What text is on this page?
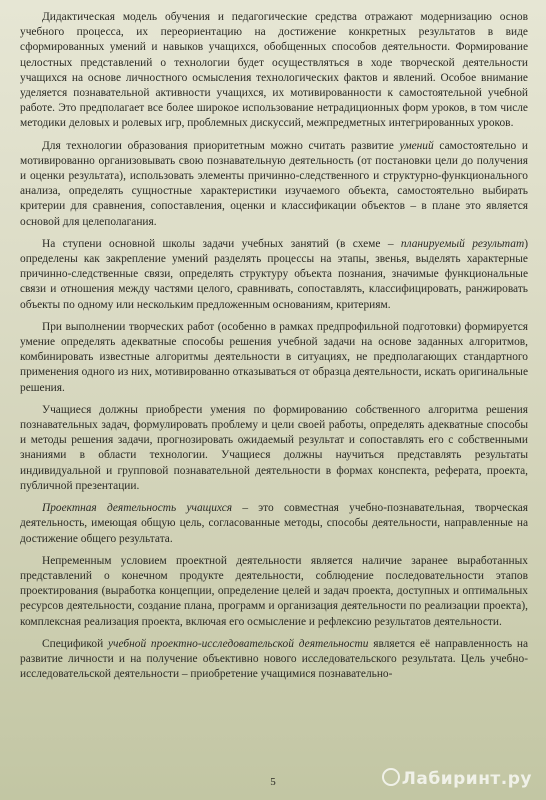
Дидактическая модель обучения и педагогические средства отражают модернизацию основ учебного процесса, их переориентацию на достижение конкретных результатов в виде сформированных умений и навыков учащихся, обобщенных способов деятельности. Формирование целостных представлений о технологии будет осуществляться в ходе творческой деятельности учащихся на основе личностного осмысления технологических фактов и явлений. Особое внимание уделяется познавательной активности учащихся, их мотивированности к самостоятельной учебной работе. Это предполагает все более широкое использование нетрадиционных форм уроков, в том числе методики деловых и ролевых игр, проблемных дискуссий, межпредметных интегрированных уроков.

Для технологии образования приоритетным можно считать развитие умений самостоятельно и мотивированно организовывать свою познавательную деятельность (от постановки цели до получения и оценки результата), использовать элементы причинно-следственного и структурно-функционального анализа, определять сущностные характеристики изучаемого объекта, самостоятельно выбирать критерии для сравнения, сопоставления, оценки и классификации объектов – в плане это является основой для целеполагания.

На ступени основной школы задачи учебных занятий (в схеме – планируемый результат) определены как закрепление умений разделять процессы на этапы, звенья, выделять характерные причинно-следственные связи, определять структуру объекта познания, значимые функциональные связи и отношения между частями целого, сравнивать, сопоставлять, классифицировать, ранжировать объекты по одному или нескольким предложенным основаниям, критериям.

При выполнении творческих работ (особенно в рамках предпрофильной подготовки) формируется умение определять адекватные способы решения учебной задачи на основе заданных алгоритмов, комбинировать известные алгоритмы деятельности в ситуациях, не предполагающих стандартного применения одного из них, мотивированно отказываться от образца деятельности, искать оригинальные решения.

Учащиеся должны приобрести умения по формированию собственного алгоритма решения познавательных задач, формулировать проблему и цели своей работы, определять адекватные способы и методы решения задачи, прогнозировать ожидаемый результат и сопоставлять его с собственными знаниями в области технологии. Учащиеся должны научиться представлять результаты индивидуальной и групповой познавательной деятельности в формах конспекта, реферата, проекта, публичной презентации.

Проектная деятельность учащихся – это совместная учебно-познавательная, творческая деятельность, имеющая общую цель, согласованные методы, способы деятельности, направленные на достижение общего результата.

Непременным условием проектной деятельности является наличие заранее выработанных представлений о конечном продукте деятельности, соблюдение последовательности этапов проектирования (выработка концепции, определение целей и задач проекта, доступных и оптимальных ресурсов деятельности, создание плана, программ и организация деятельности по реализации проекта), комплексная реализация проекта, включая его осмысление и рефлексию результатов деятельности.

Спецификой учебной проектно-исследовательской деятельности является её направленность на развитие личности и на получение объективно нового исследовательского результата. Цель учебно-исследовательской деятельности – приобретение учащимися познавательно-

5	Лабиринт.ру
